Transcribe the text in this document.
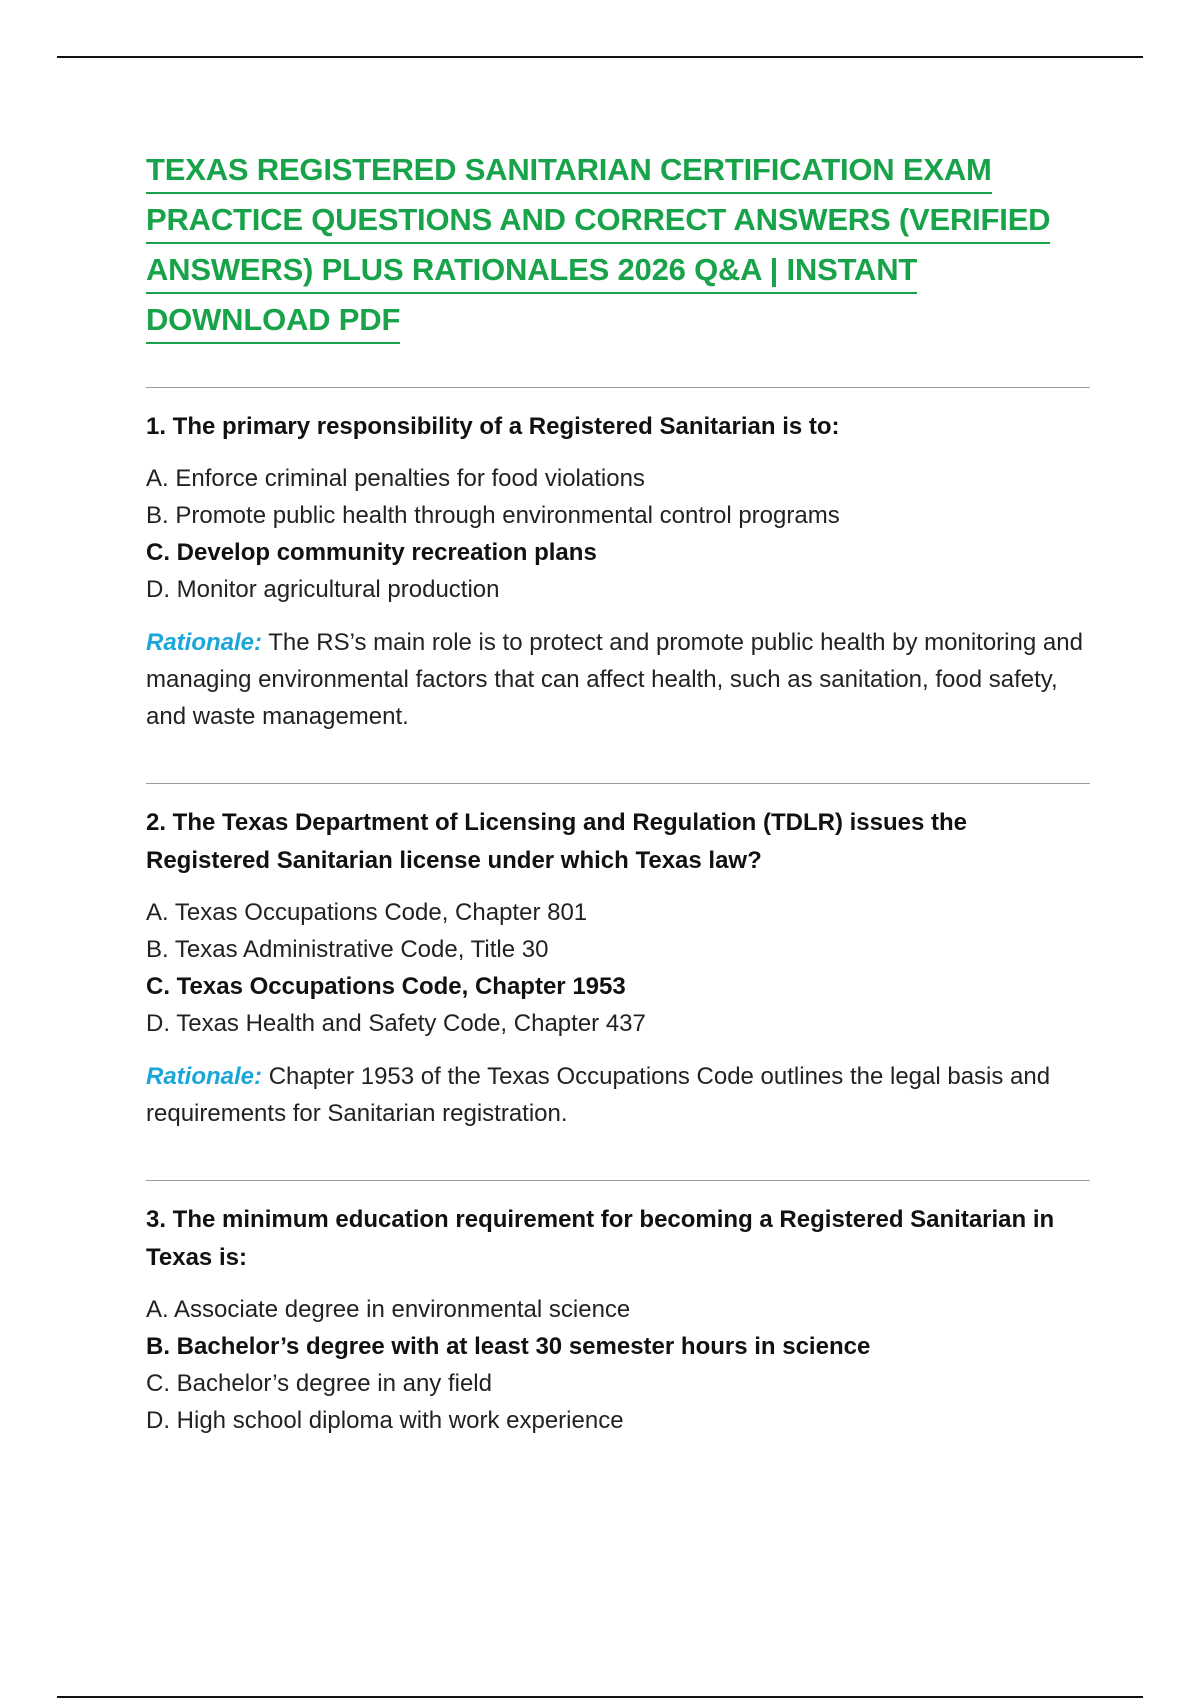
TEXAS REGISTERED SANITARIAN CERTIFICATION EXAM
PRACTICE QUESTIONS AND CORRECT ANSWERS (VERIFIED
ANSWERS) PLUS RATIONALES 2026 Q&A | INSTANT
DOWNLOAD PDF

1. The primary responsibility of a Registered Sanitarian is to:

A. Enforce criminal penalties for food violations
B. Promote public health through environmental control programs
C. Develop community recreation plans
D. Monitor agricultural production

Rationale: The RS’s main role is to protect and promote public health by monitoring and managing environmental factors that can affect health, such as sanitation, food safety, and waste management.

2. The Texas Department of Licensing and Regulation (TDLR) issues the Registered Sanitarian license under which Texas law?

A. Texas Occupations Code, Chapter 801
B. Texas Administrative Code, Title 30
C. Texas Occupations Code, Chapter 1953
D. Texas Health and Safety Code, Chapter 437

Rationale: Chapter 1953 of the Texas Occupations Code outlines the legal basis and requirements for Sanitarian registration.

3. The minimum education requirement for becoming a Registered Sanitarian in Texas is:

A. Associate degree in environmental science
B. Bachelor’s degree with at least 30 semester hours in science
C. Bachelor’s degree in any field
D. High school diploma with work experience
